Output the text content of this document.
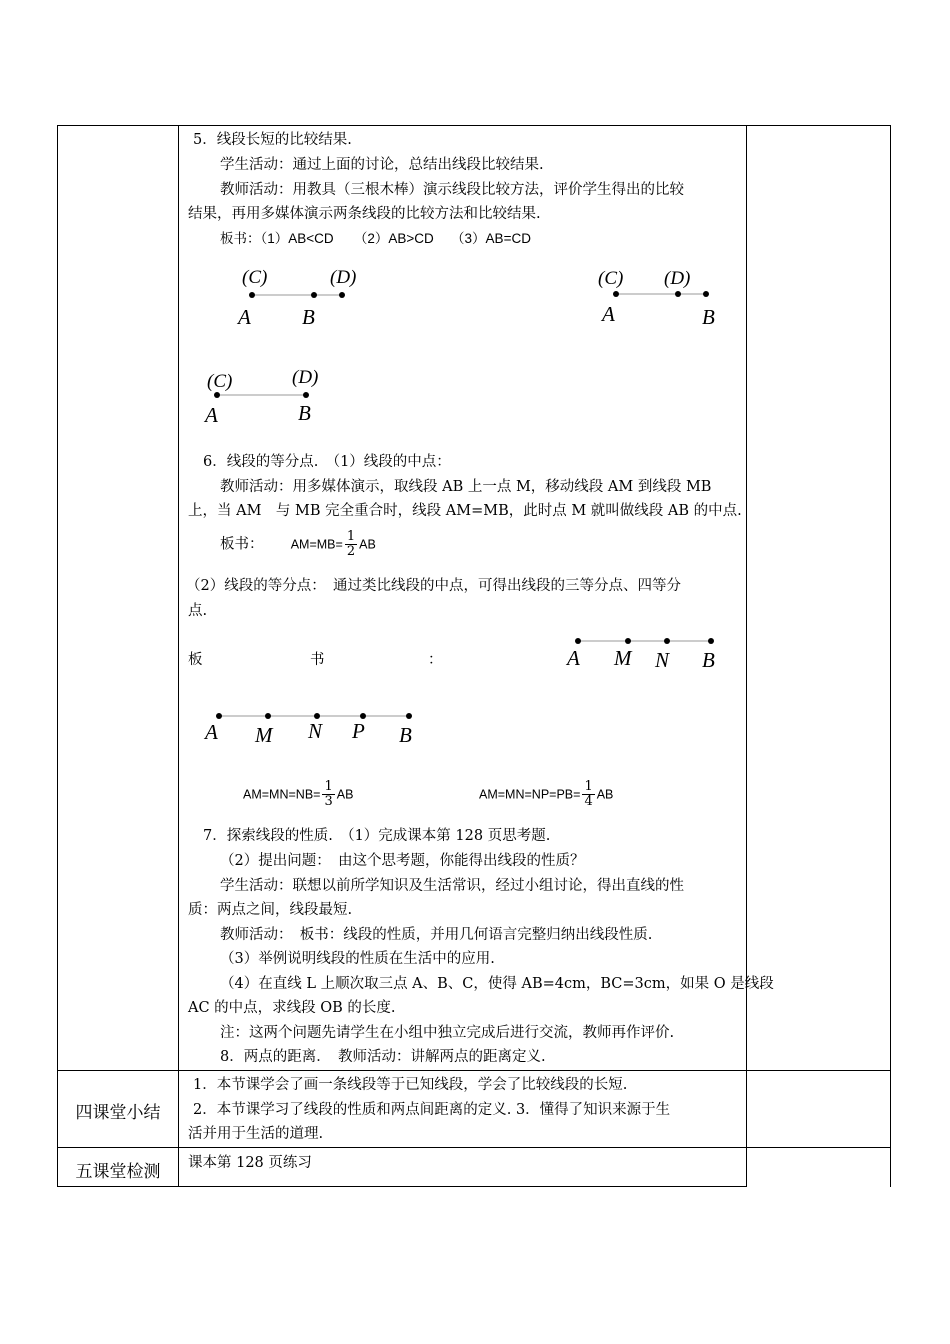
5．线段长短的比较结果.
学生活动：通过上面的讨论，总结出线段比较结果.
教师活动：用教具（三根木棒）演示线段比较方法，评价学生得出的比较
结果，再用多媒体演示两条线段的比较方法和比较结果.
板书：（1）AB<CD　　（2）AB>CD　 （3）AB=CD
(C)	(D)
A B
(C) (D)
A	B
(C)	(D)
A	B
6．线段的等分点.　（1）线段的中点：
教师活动：用多媒体演示，取线段 AB 上一点 M，移动线段 AM 到线段 MB
上，当 AM　与 MB 完全重合时，线段 AM=MB，此时点 M 就叫做线段 AB 的中点.
板书： $AM=MB= \frac{1}{2}$ AB
（2）线段的等分点：　通过类比线段的中点，可得出线段的三等分点、四等分
点.
板	书	：	A M N B
A M N P B
$AM=MN=NB= \frac{1}{3}$ AB	$AM=MN=NP=PB= \frac{1}{4}$ AB
7．探索线段的性质.　（1）完成课本第 128 页思考题.
（2）提出问题：　由这个思考题，你能得出线段的性质？
学生活动：联想以前所学知识及生活常识，经过小组讨论，得出直线的性
质：两点之间，线段最短.
教师活动：　板书：线段的性质，并用几何语言完整归纳出线段性质.
（3）举例说明线段的性质在生活中的应用.
（4）在直线 L 上顺次取三点 A、B、C，使得 AB=4cm，BC=3cm，如果 O 是线段
AC 的中点，求线段 OB 的长度.
注：这两个问题先请学生在小组中独立完成后进行交流，教师再作评价.
8．两点的距离．　教师活动：讲解两点的距离定义.
四课堂小结
1．本节课学会了画一条线段等于已知线段，学会了比较线段的长短.
2．本节课学习了线段的性质和两点间距离的定义. 3．懂得了知识来源于生
活并用于生活的道理.
五课堂检测	课本第 128 页练习
